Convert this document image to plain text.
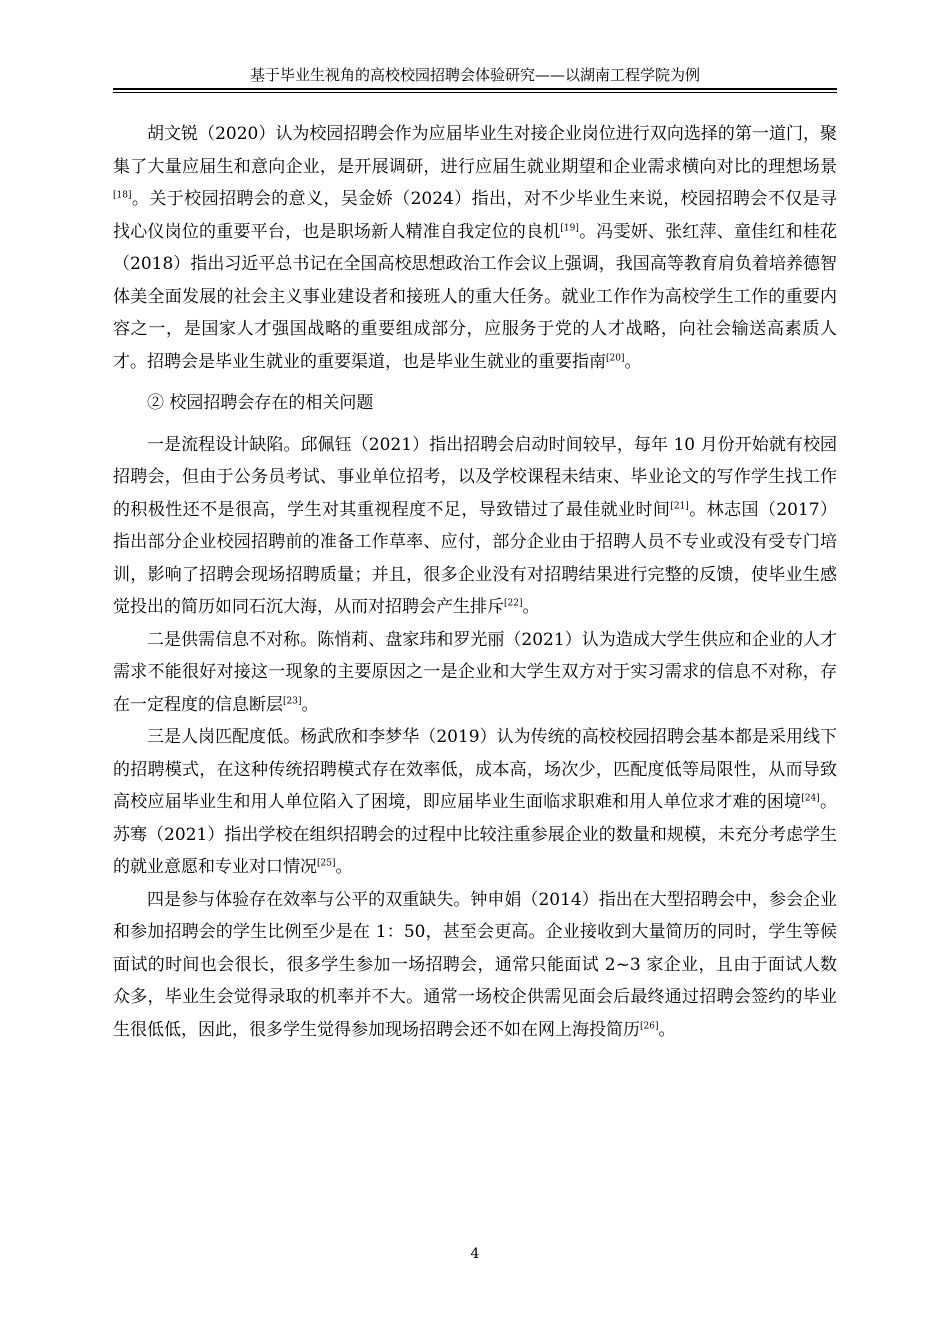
基于毕业生视角的高校校园招聘会体验研究——以湖南工程学院为例

胡文锐（2020）认为校园招聘会作为应届毕业生对接企业岗位进行双向选择的第一道门，聚集了大量应届生和意向企业，是开展调研，进行应届生就业期望和企业需求横向对比的理想场景[18]。关于校园招聘会的意义，吴金娇（2024）指出，对不少毕业生来说，校园招聘会不仅是寻找心仪岗位的重要平台，也是职场新人精准自我定位的良机[19]。冯雯妍、张红萍、童佳红和桂花（2018）指出习近平总书记在全国高校思想政治工作会议上强调，我国高等教育肩负着培养德智体美全面发展的社会主义事业建设者和接班人的重大任务。就业工作作为高校学生工作的重要内容之一，是国家人才强国战略的重要组成部分，应服务于党的人才战略，向社会输送高素质人才。招聘会是毕业生就业的重要渠道，也是毕业生就业的重要指南[20]。

② 校园招聘会存在的相关问题

一是流程设计缺陷。邱佩钰（2021）指出招聘会启动时间较早，每年 10 月份开始就有校园招聘会，但由于公务员考试、事业单位招考，以及学校课程未结束、毕业论文的写作学生找工作的积极性还不是很高，学生对其重视程度不足，导致错过了最佳就业时间[21]。林志国（2017）指出部分企业校园招聘前的准备工作草率、应付，部分企业由于招聘人员不专业或没有受专门培训，影响了招聘会现场招聘质量；并且，很多企业没有对招聘结果进行完整的反馈，使毕业生感觉投出的简历如同石沉大海，从而对招聘会产生排斥[22]。

二是供需信息不对称。陈悄莉、盘家玮和罗光丽（2021）认为造成大学生供应和企业的人才需求不能很好对接这一现象的主要原因之一是企业和大学生双方对于实习需求的信息不对称，存在一定程度的信息断层[23]。

三是人岗匹配度低。杨武欣和李梦华（2019）认为传统的高校校园招聘会基本都是采用线下的招聘模式，在这种传统招聘模式存在效率低，成本高，场次少，匹配度低等局限性，从而导致高校应届毕业生和用人单位陷入了困境，即应届毕业生面临求职难和用人单位求才难的困境[24]。苏骞（2021）指出学校在组织招聘会的过程中比较注重参展企业的数量和规模，未充分考虑学生的就业意愿和专业对口情况[25]。

四是参与体验存在效率与公平的双重缺失。钟申娟（2014）指出在大型招聘会中，参会企业和参加招聘会的学生比例至少是在 1：50，甚至会更高。企业接收到大量简历的同时，学生等候面试的时间也会很长，很多学生参加一场招聘会，通常只能面试 2~3 家企业，且由于面试人数众多，毕业生会觉得录取的机率并不大。通常一场校企供需见面会后最终通过招聘会签约的毕业生很低低，因此，很多学生觉得参加现场招聘会还不如在网上海投简历[26]。

4
